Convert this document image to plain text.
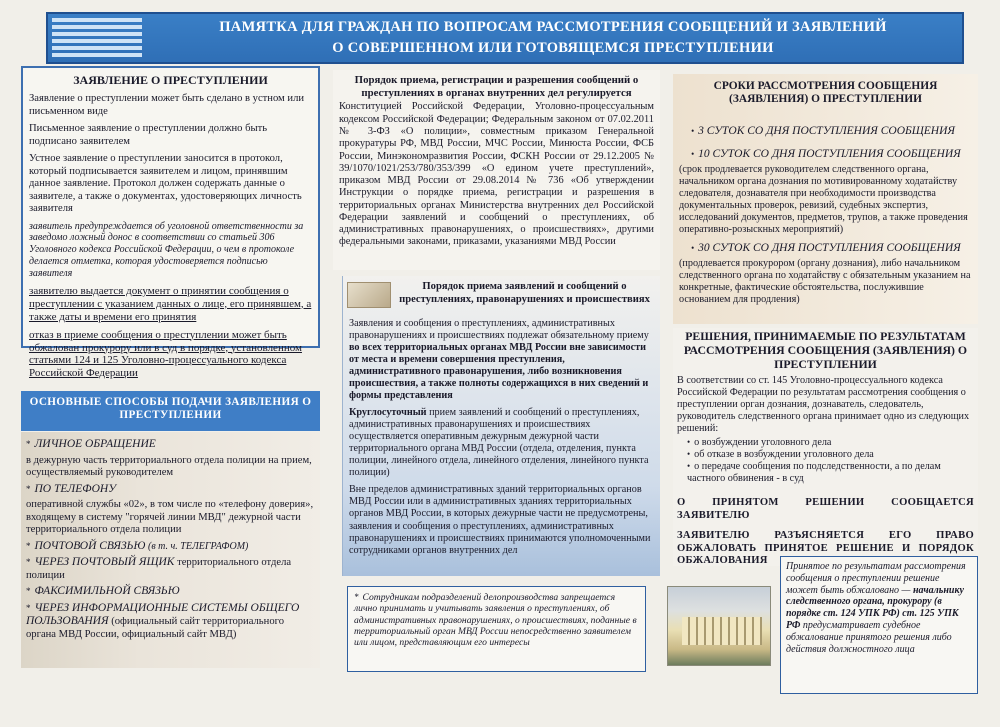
ПАМЯТКА ДЛЯ ГРАЖДАН ПО ВОПРОСАМ РАССМОТРЕНИЯ СООБЩЕНИЙ И ЗАЯВЛЕНИЙ
О СОВЕРШЕННОМ ИЛИ ГОТОВЯЩЕМСЯ ПРЕСТУПЛЕНИИ
ЗАЯВЛЕНИЕ О ПРЕСТУПЛЕНИИ

Заявление о преступлении может быть сделано в устном или письменном виде

Письменное заявление о преступлении должно быть подписано заявителем

Устное заявление о преступлении заносится в протокол, который подписывается заявителем и лицом, принявшим данное заявление. Протокол должен содержать данные о заявителе, а также о документах, удостоверяющих личность заявителя

заявитель предупреждается об уголовной ответственности за заведомо ложный донос в соответствии со статьей 306 Уголовного кодекса Российской Федерации, о чем в протоколе делается отметка, которая удостоверяется подписью заявителя

заявителю выдается документ о принятии сообщения о преступлении с указанием данных о лице, его принявшем, а также даты и времени его принятия

отказ в приеме сообщения о преступлении может быть обжалован прокурору или в суд в порядке, установленном статьями 124 и 125 Уголовно-процессуального кодекса Российской Федерации

ОСНОВНЫЕ СПОСОБЫ ПОДАЧИ ЗАЯВЛЕНИЯ О ПРЕСТУПЛЕНИИ
* ЛИЧНОЕ ОБРАЩЕНИЕ
в дежурную часть территориального отдела полиции на прием, осуществляемый руководителем
* ПО ТЕЛЕФОНУ
оперативной службы «02», в том числе по «телефону доверия», входящему в систему "горячей линии МВД" дежурной части территориального отдела полиции
* ПОЧТОВОЙ СВЯЗЬЮ (в т. ч. ТЕЛЕГРАФОМ)
* ЧЕРЕЗ ПОЧТОВЫЙ ЯЩИК территориального отдела полиции
* ФАКСИМИЛЬНОЙ СВЯЗЬЮ
* ЧЕРЕЗ ИНФОРМАЦИОННЫЕ СИСТЕМЫ ОБЩЕГО ПОЛЬЗОВАНИЯ (официальный сайт территориального органа МВД России, официальный сайт МВД)
Порядок приема, регистрации и разрешения сообщений о преступлениях в органах внутренних дел регулируется
Конституцией Российской Федерации, Уголовно-процессуальным кодексом Российской Федерации; Федеральным законом от 07.02.2011 № 3-ФЗ «О полиции», совместным приказом Генеральной прокуратуры РФ, МВД России, МЧС России, Минюста России, ФСБ России, Минэкономразвития России, ФСКН России от 29.12.2005 № 39/1070/1021/253/780/353/399 «О едином учете преступлений», приказом МВД России от 29.08.2014 № 736 «Об утверждении Инструкции о порядке приема, регистрации и разрешения в территориальных органах Министерства внутренних дел Российской Федерации заявлений и сообщений о преступлениях, об административных правонарушениях, о происшествиях», другими федеральными законами, приказами, указаниями МВД России
Порядок приема заявлений и сообщений о преступлениях, правонарушениях и происшествиях

Заявления и сообщения о преступлениях, административных правонарушениях и происшествиях подлежат обязательному приему во всех территориальных органах МВД России вне зависимости от места и времени совершения преступления, административного правонарушения, либо возникновения происшествия, а также полноты содержащихся в них сведений и формы представления

Круглосуточный прием заявлений и сообщений о преступлениях, административных правонарушениях и происшествиях осуществляется оперативным дежурным дежурной части территориального органа МВД России (отдела, отделения, пункта полиции, линейного отдела, линейного отделения, линейного пункта полиции)

Вне пределов административных зданий территориальных органов МВД России или в административных зданиях территориальных органов МВД России, в которых дежурные части не предусмотрены, заявления и сообщения о преступлениях, административных правонарушениях и происшествиях принимаются уполномоченными сотрудниками органов внутренних дел

* Сотрудникам подразделений делопроизводства запрещается лично принимать и учитывать заявления о преступлениях, об административных правонарушениях, о происшествиях, поданные в территориальный орган МВД России непосредственно заявителем или лицом, представляющим его интересы
СРОКИ РАССМОТРЕНИЯ СООБЩЕНИЯ (ЗАЯВЛЕНИЯ) О ПРЕСТУПЛЕНИИ
• 3 СУТОК СО ДНЯ ПОСТУПЛЕНИЯ СООБЩЕНИЯ
• 10 СУТОК СО ДНЯ ПОСТУПЛЕНИЯ СООБЩЕНИЯ

(срок продлевается руководителем следственного органа, начальником органа дознания по мотивированному ходатайству следователя, дознавателя при необходимости производства документальных проверок, ревизий, судебных экспертиз, исследований документов, предметов, трупов, а также проведения оперативно-розыскных мероприятий)

• 30 СУТОК СО ДНЯ ПОСТУПЛЕНИЯ СООБЩЕНИЯ

(продлевается прокурором (органу дознания), либо начальником следственного органа по ходатайству с обязательным указанием на конкретные, фактические обстоятельства, послужившие основанием для продления)

РЕШЕНИЯ, ПРИНИМАЕМЫЕ ПО РЕЗУЛЬТАТАМ РАССМОТРЕНИЯ СООБЩЕНИЯ (ЗАЯВЛЕНИЯ) О ПРЕСТУПЛЕНИИ

В соответствии со ст. 145 Уголовно-процессуального кодекса Российской Федерации по результатам рассмотрения сообщения о преступлении орган дознания, дознаватель, следователь, руководитель следственного органа принимает одно из следующих решений:

• о возбуждении уголовного дела
• об отказе в возбуждении уголовного дела
• о передаче сообщения по подследственности, а по делам частного обвинения - в суд

О ПРИНЯТОМ РЕШЕНИИ СООБЩАЕТСЯ ЗАЯВИТЕЛЮ

ЗАЯВИТЕЛЮ РАЗЪЯСНЯЕТСЯ ЕГО ПРАВО ОБЖАЛОВАТЬ ПРИНЯТОЕ РЕШЕНИЕ И ПОРЯДОК ОБЖАЛОВАНИЯ

Принятое по результатам рассмотрения сообщения о преступлении решение может быть обжаловано — начальнику следственного органа, прокурору (в порядке ст. 124 УПК РФ) ст. 125 УПК РФ предусматривает судебное обжалование принятого решения либо действия должностного лица
